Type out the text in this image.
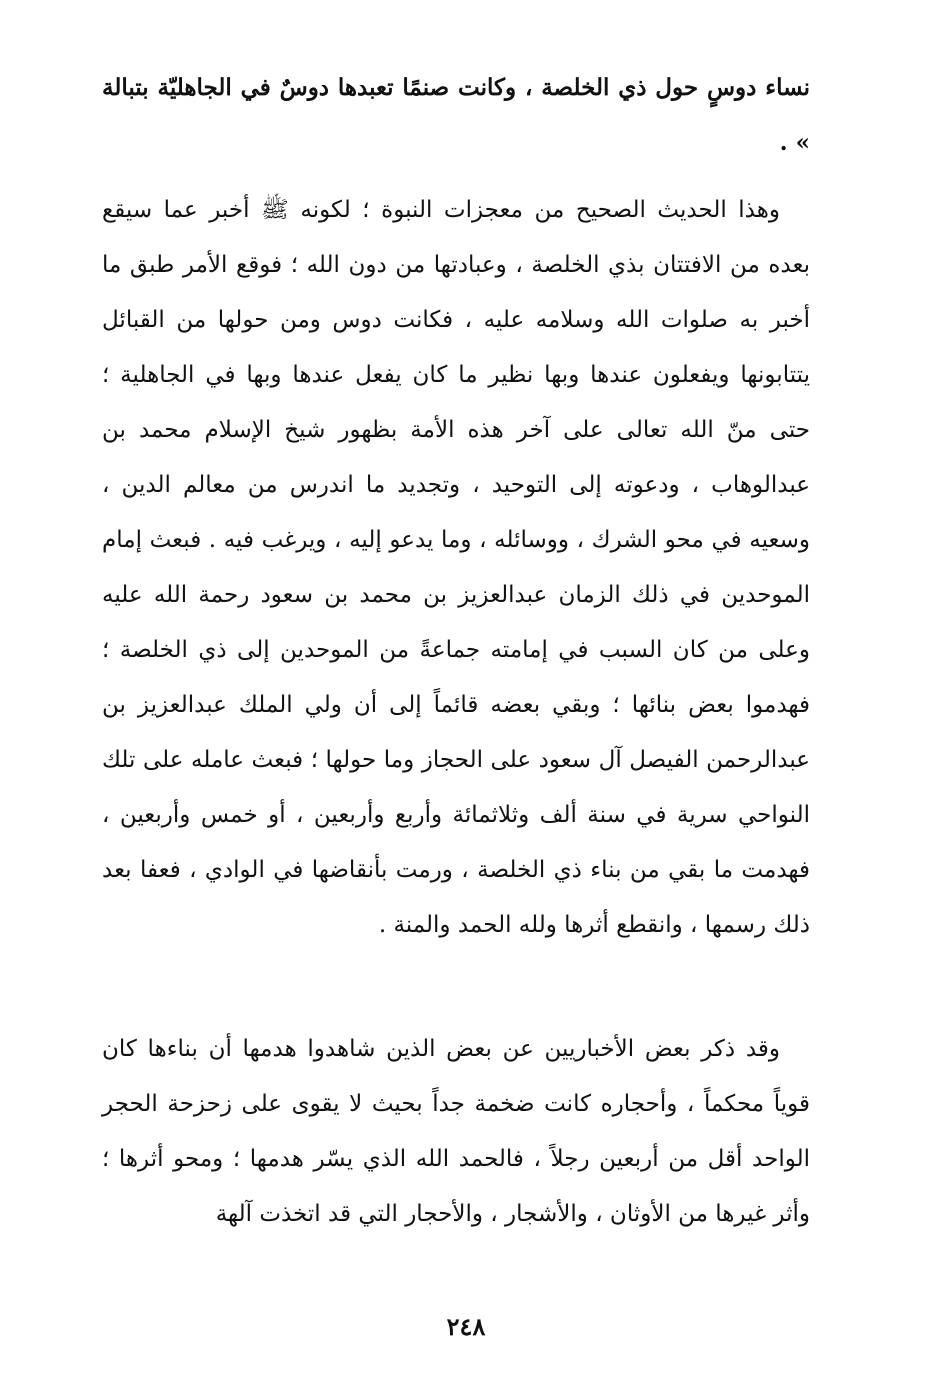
نساء دوسٍ حول ذي الخلصة ، وكانت صنمًا تعبدها دوسٌ في الجاهليّة بتبالة » .

وهذا الحديث الصحيح من معجزات النبوة ؛ لكونه ﷺ أخبر عما سيقع بعده من الافتتان بذي الخلصة ، وعبادتها من دون الله ؛ فوقع الأمر طبق ما أخبر به صلوات الله وسلامه عليه ، فكانت دوس ومن حولها من القبائل يتتابونها ويفعلون عندها وبها نظير ما كان يفعل عندها وبها في الجاهلية ؛ حتى منّ الله تعالى على آخر هذه الأمة بظهور شيخ الإسلام محمد بن عبدالوهاب ، ودعوته إلى التوحيد ، وتجديد ما اندرس من معالم الدين ، وسعيه في محو الشرك ، ووسائله ، وما يدعو إليه ، ويرغب فيه . فبعث إمام الموحدين في ذلك الزمان عبدالعزيز بن محمد بن سعود رحمة الله عليه وعلى من كان السبب في إمامته جماعةً من الموحدين إلى ذي الخلصة ؛ فهدموا بعض بنائها ؛ وبقي بعضه قائماً إلى أن ولي الملك عبدالعزيز بن عبدالرحمن الفيصل آل سعود على الحجاز وما حولها ؛ فبعث عامله على تلك النواحي سرية في سنة ألف وثلاثمائة وأربع وأربعين ، أو خمس وأربعين ، فهدمت ما بقي من بناء ذي الخلصة ، ورمت بأنقاضها في الوادي ، فعفا بعد ذلك رسمها ، وانقطع أثرها ولله الحمد والمنة .

وقد ذكر بعض الأخباريين عن بعض الذين شاهدوا هدمها أن بناءها كان قوياً محكماً ، وأحجاره كانت ضخمة جداً بحيث لا يقوى على زحزحة الحجر الواحد أقل من أربعين رجلاً ، فالحمد الله الذي يسّر هدمها ؛ ومحو أثرها ؛ وأثر غيرها من الأوثان ، والأشجار ، والأحجار التي قد اتخذت آلهة

٢٤٨
